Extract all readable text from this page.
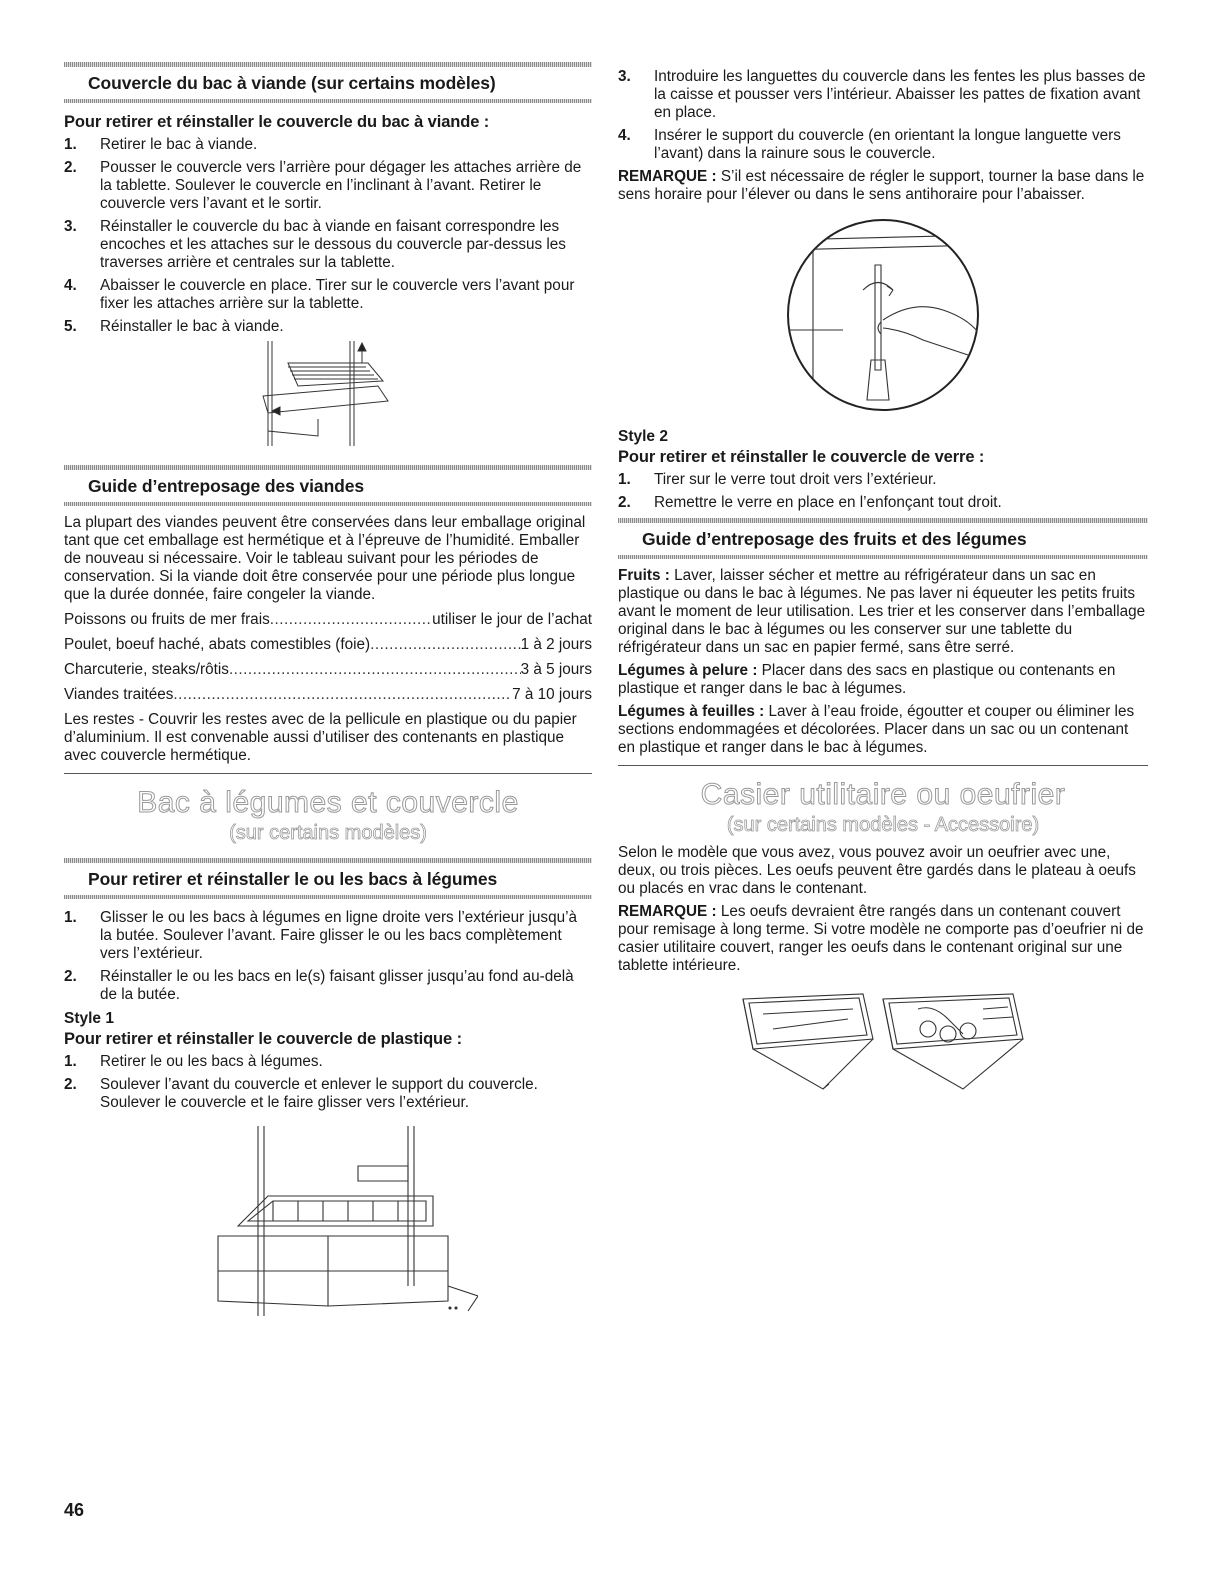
Couvercle du bac à viande (sur certains modèles)
Pour retirer et réinstaller le couvercle du bac à viande :
1.	Retirer le bac à viande.
2.	Pousser le couvercle vers l’arrière pour dégager les attaches arrière de la tablette. Soulever le couvercle en l’inclinant à l’avant. Retirer le couvercle vers l’avant et le sortir.
3.	Réinstaller le couvercle du bac à viande en faisant correspondre les encoches et les attaches sur le dessous du couvercle par-dessus les traverses arrière et centrales sur la tablette.
4.	Abaisser le couvercle en place. Tirer sur le couvercle vers l’avant pour fixer les attaches arrière sur la tablette.
5.	Réinstaller le bac à viande.
Guide d’entreposage des viandes

La plupart des viandes peuvent être conservées dans leur emballage original tant que cet emballage est hermétique et à l’épreuve de l’humidité. Emballer de nouveau si nécessaire. Voir le tableau suivant pour les périodes de conservation. Si la viande doit être conservée pour une période plus longue que la durée donnée, faire congeler la viande.

Poissons ou fruits de mer frais .....	utiliser le jour de l’achat
Poulet, boeuf haché, abats comestibles (foie) .....	1 à 2 jours
Charcuterie, steaks/rôtis .....	3 à 5 jours
Viandes traitées .....	7 à 10 jours

Les restes - Couvrir les restes avec de la pellicule en plastique ou du papier d’aluminium. Il est convenable aussi d’utiliser des contenants en plastique avec couvercle hermétique.

Bac à légumes et couvercle
(sur certains modèles)
Pour retirer et réinstaller le ou les bacs à légumes
1.	Glisser le ou les bacs à légumes en ligne droite vers l’extérieur jusqu’à la butée. Soulever l’avant. Faire glisser le ou les bacs complètement vers l’extérieur.
2.	Réinstaller le ou les bacs en le(s) faisant glisser jusqu’au fond au-delà de la butée.
Style 1
Pour retirer et réinstaller le couvercle de plastique :
1.	Retirer le ou les bacs à légumes.
2.	Soulever l’avant du couvercle et enlever le support du couvercle. Soulever le couvercle et le faire glisser vers l’extérieur.
3.	Introduire les languettes du couvercle dans les fentes les plus basses de la caisse et pousser vers l’intérieur. Abaisser les pattes de fixation avant en place.
4.	Insérer le support du couvercle (en orientant la longue languette vers l’avant) dans la rainure sous le couvercle.

REMARQUE : S’il est nécessaire de régler le support, tourner la base dans le sens horaire pour l’élever ou dans le sens antihoraire pour l’abaisser.

Style 2
Pour retirer et réinstaller le couvercle de verre :
1.	Tirer sur le verre tout droit vers l’extérieur.
2.	Remettre le verre en place en l’enfonçant tout droit.
Guide d’entreposage des fruits et des légumes

Fruits : Laver, laisser sécher et mettre au réfrigérateur dans un sac en plastique ou dans le bac à légumes. Ne pas laver ni équeuter les petits fruits avant le moment de leur utilisation. Les trier et les conserver dans l’emballage original dans le bac à légumes ou les conserver sur une tablette du réfrigérateur dans un sac en papier fermé, sans être serré.

Légumes à pelure : Placer dans des sacs en plastique ou contenants en plastique et ranger dans le bac à légumes.

Légumes à feuilles : Laver à l’eau froide, égoutter et couper ou éliminer les sections endommagées et décolorées. Placer dans un sac ou un contenant en plastique et ranger dans le bac à légumes.

Casier utilitaire ou oeufrier
(sur certains modèles - Accessoire)

Selon le modèle que vous avez, vous pouvez avoir un oeufrier avec une, deux, ou trois pièces. Les oeufs peuvent être gardés dans le plateau à oeufs ou placés en vrac dans le contenant.

REMARQUE : Les oeufs devraient être rangés dans un contenant couvert pour remisage à long terme. Si votre modèle ne comporte pas d’oeufrier ni de casier utilitaire couvert, ranger les oeufs dans le contenant original sur une tablette intérieure.

46
